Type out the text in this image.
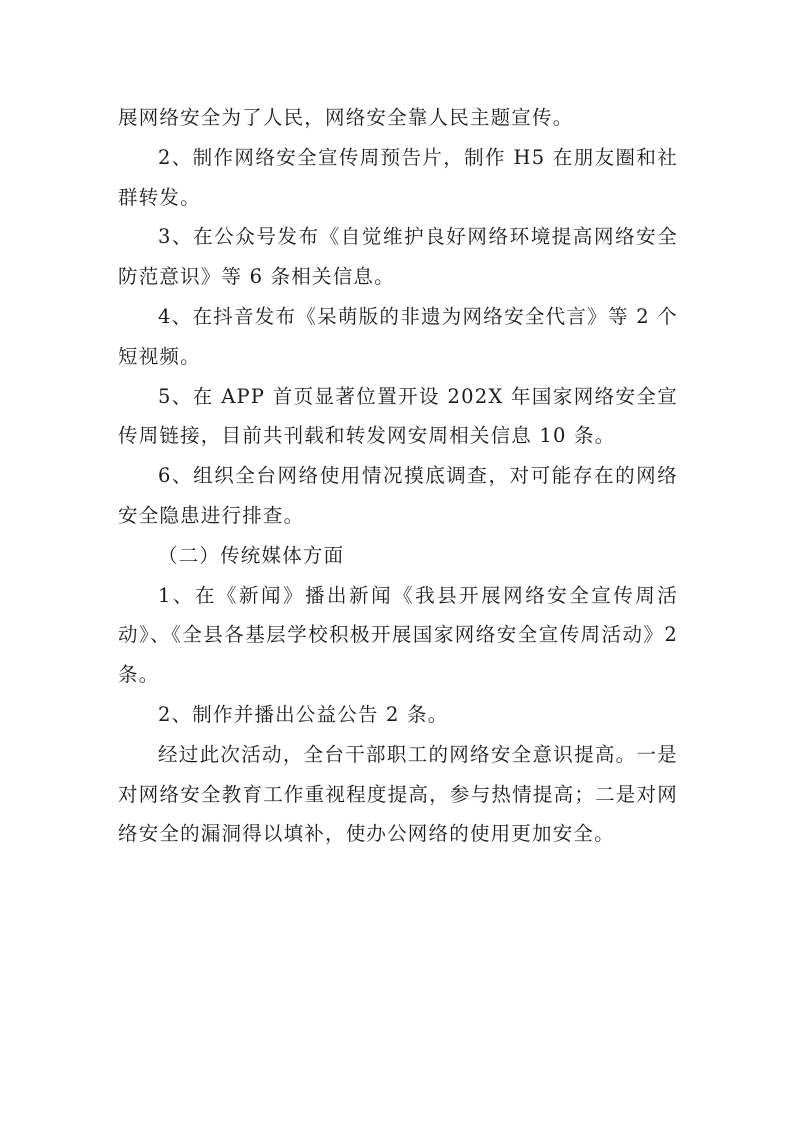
展网络安全为了人民，网络安全靠人民主题宣传。

2、制作网络安全宣传周预告片，制作 H5 在朋友圈和社群转发。

3、在公众号发布《自觉维护良好网络环境提高网络安全防范意识》等 6 条相关信息。

4、在抖音发布《呆萌版的非遗为网络安全代言》等 2 个短视频。

5、在 APP 首页显著位置开设 202X 年国家网络安全宣传周链接，目前共刊载和转发网安周相关信息 10 条。

6、组织全台网络使用情况摸底调查，对可能存在的网络安全隐患进行排查。

（二）传统媒体方面

1、在《新闻》播出新闻《我县开展网络安全宣传周活动》、《全县各基层学校积极开展国家网络安全宣传周活动》2 条。

2、制作并播出公益公告 2 条。

经过此次活动，全台干部职工的网络安全意识提高。一是对网络安全教育工作重视程度提高，参与热情提高；二是对网络安全的漏洞得以填补，使办公网络的使用更加安全。
